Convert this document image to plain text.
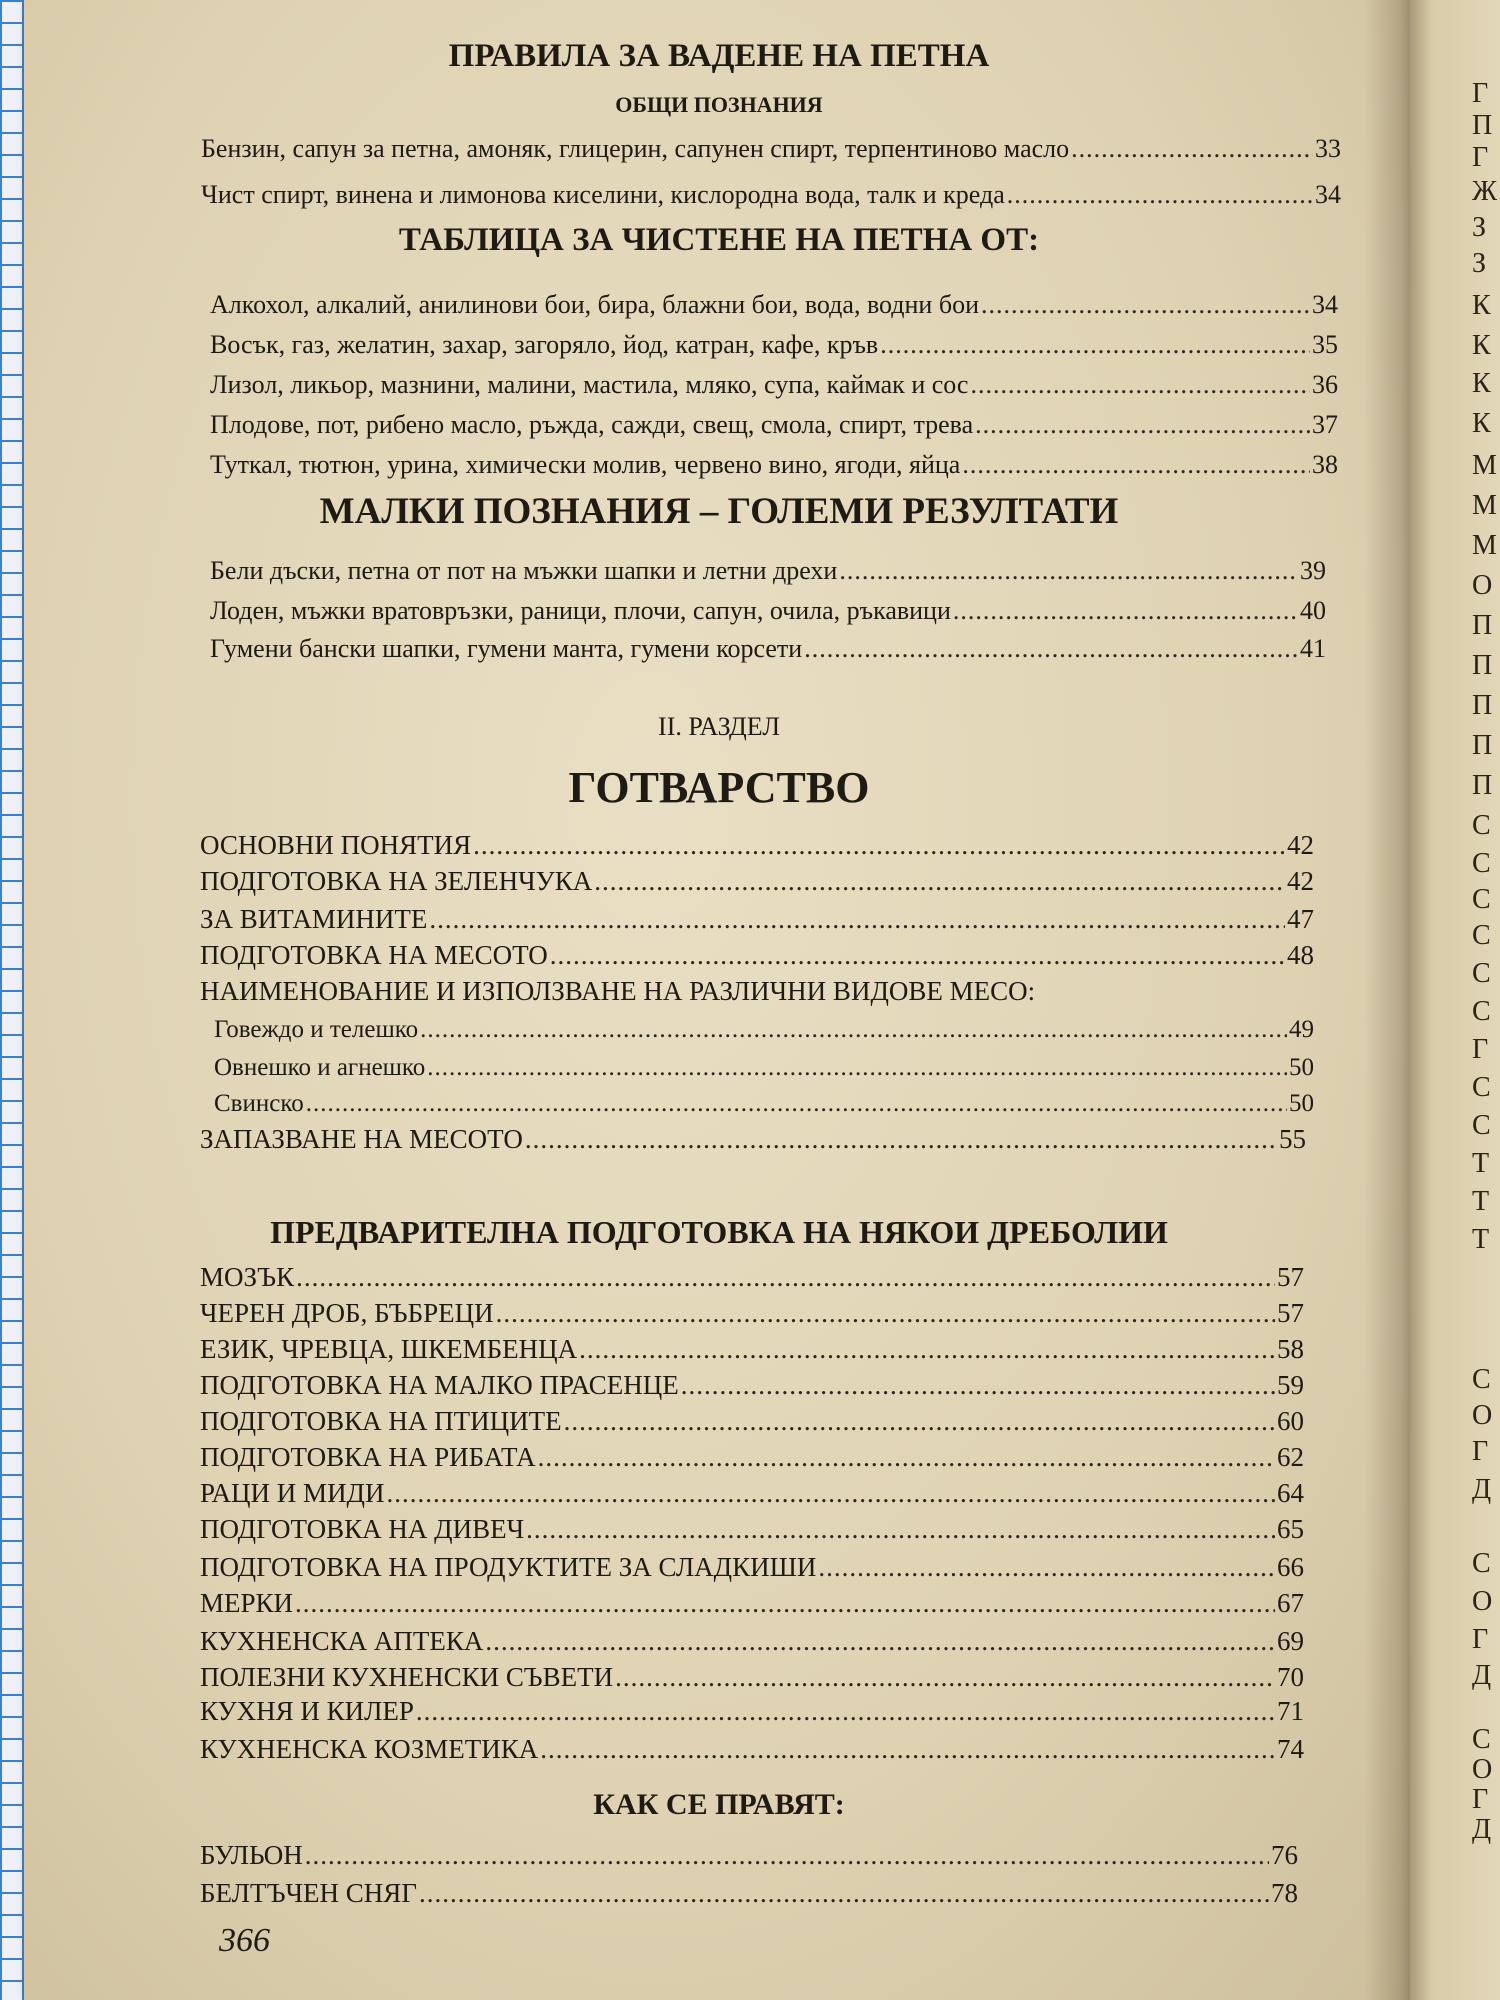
ПРАВИЛА ЗА ВАДЕНЕ НА ПЕТНА
ОБЩИ ПОЗНАНИЯ
Бензин, сапун за петна, амоняк, глицерин, сапунен спирт, терпентиново масло .....	33
Чист спирт, винена и лимонова киселини, кислородна вода, талк и креда .....	34
ТАБЛИЦА ЗА ЧИСТЕНЕ НА ПЕТНА ОТ:
Алкохол, алкалий, анилинови бои, бира, блажни бои, вода, водни бои .....	34
Восък, газ, желатин, захар, загоряло, йод, катран, кафе, кръв .....	35
Лизол, ликьор, мазнини, малини, мастила, мляко, супа, каймак и сос .....	36
Плодове, пот, рибено масло, ръжда, сажди, свещ, смола, спирт, трева .....	37
Туткал, тютюн, урина, химически молив, червено вино, ягоди, яйца .....	38
МАЛКИ ПОЗНАНИЯ – ГОЛЕМИ РЕЗУЛТАТИ
Бели дъски, петна от пот на мъжки шапки и летни дрехи .....	39
Лоден, мъжки вратовръзки, раници, плочи, сапун, очила, ръкавици .....	40
Гумени бански шапки, гумени манта, гумени корсети .....	41
II. РАЗДЕЛ
ГОТВАРСТВО
ОСНОВНИ ПОНЯТИЯ .....	42
ПОДГОТОВКА НА ЗЕЛЕНЧУКА .....	42
ЗА ВИТАМИНИТЕ .....	47
ПОДГОТОВКА НА МЕСОТО .....	48
НАИМЕНОВАНИЕ И ИЗПОЛЗВАНЕ НА РАЗЛИЧНИ ВИДОВЕ МЕСО:
Говеждо и телешко .....	49
Овнешко и агнешко .....	50
Свинско .....	50
ЗАПАЗВАНЕ НА МЕСОТО .....	55
ПРЕДВАРИТЕЛНА ПОДГОТОВКА НА НЯКОИ ДРЕБОЛИИ
МОЗЪК .....	57
ЧЕРЕН ДРОБ, БЪБРЕЦИ .....	57
ЕЗИК, ЧРЕВЦА, ШКЕМБЕНЦА .....	58
ПОДГОТОВКА НА МАЛКО ПРАСЕНЦЕ .....	59
ПОДГОТОВКА НА ПТИЦИТЕ .....	60
ПОДГОТОВКА НА РИБАТА .....	62
РАЦИ И МИДИ .....	64
ПОДГОТОВКА НА ДИВЕЧ .....	65
ПОДГОТОВКА НА ПРОДУКТИТЕ ЗА СЛАДКИШИ .....	66
МЕРКИ .....	67
КУХНЕНСКА АПТЕКА .....	69
ПОЛЕЗНИ КУХНЕНСКИ СЪВЕТИ .....	70
КУХНЯ И КИЛЕР .....	71
КУХНЕНСКА КОЗМЕТИКА .....	74
КАК СЕ ПРАВЯТ:
БУЛЬОН .....	76
БЕЛТЪЧЕН СНЯГ .....	78
366
Г
П
Г
Ж
З
З
К
К
К
К
М
М
М
О
П
П
П
П
П
С
С
С
С
С
С
Г
С
С
Т
Т
Т
С
О
Г
Д
С
О
Г
Д
С
О
Г
Д
